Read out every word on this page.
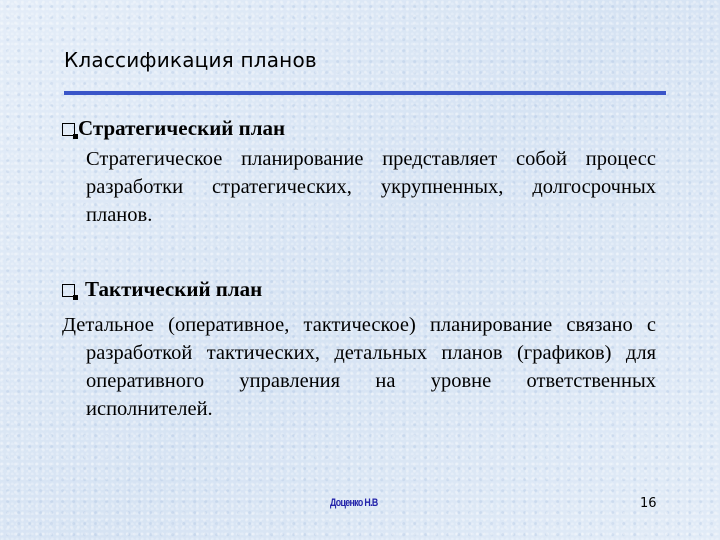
Классификация планов
Стратегический план
Стратегическое планирование представляет собой процесс разработки стратегических, укрупненных, долгосрочных планов.
Тактический план
Детальное (оперативное, тактическое) планирование связано с разработкой тактических, детальных планов (графиков) для оперативного управления на уровне ответственных исполнителей.
Доценко Н.В	16
